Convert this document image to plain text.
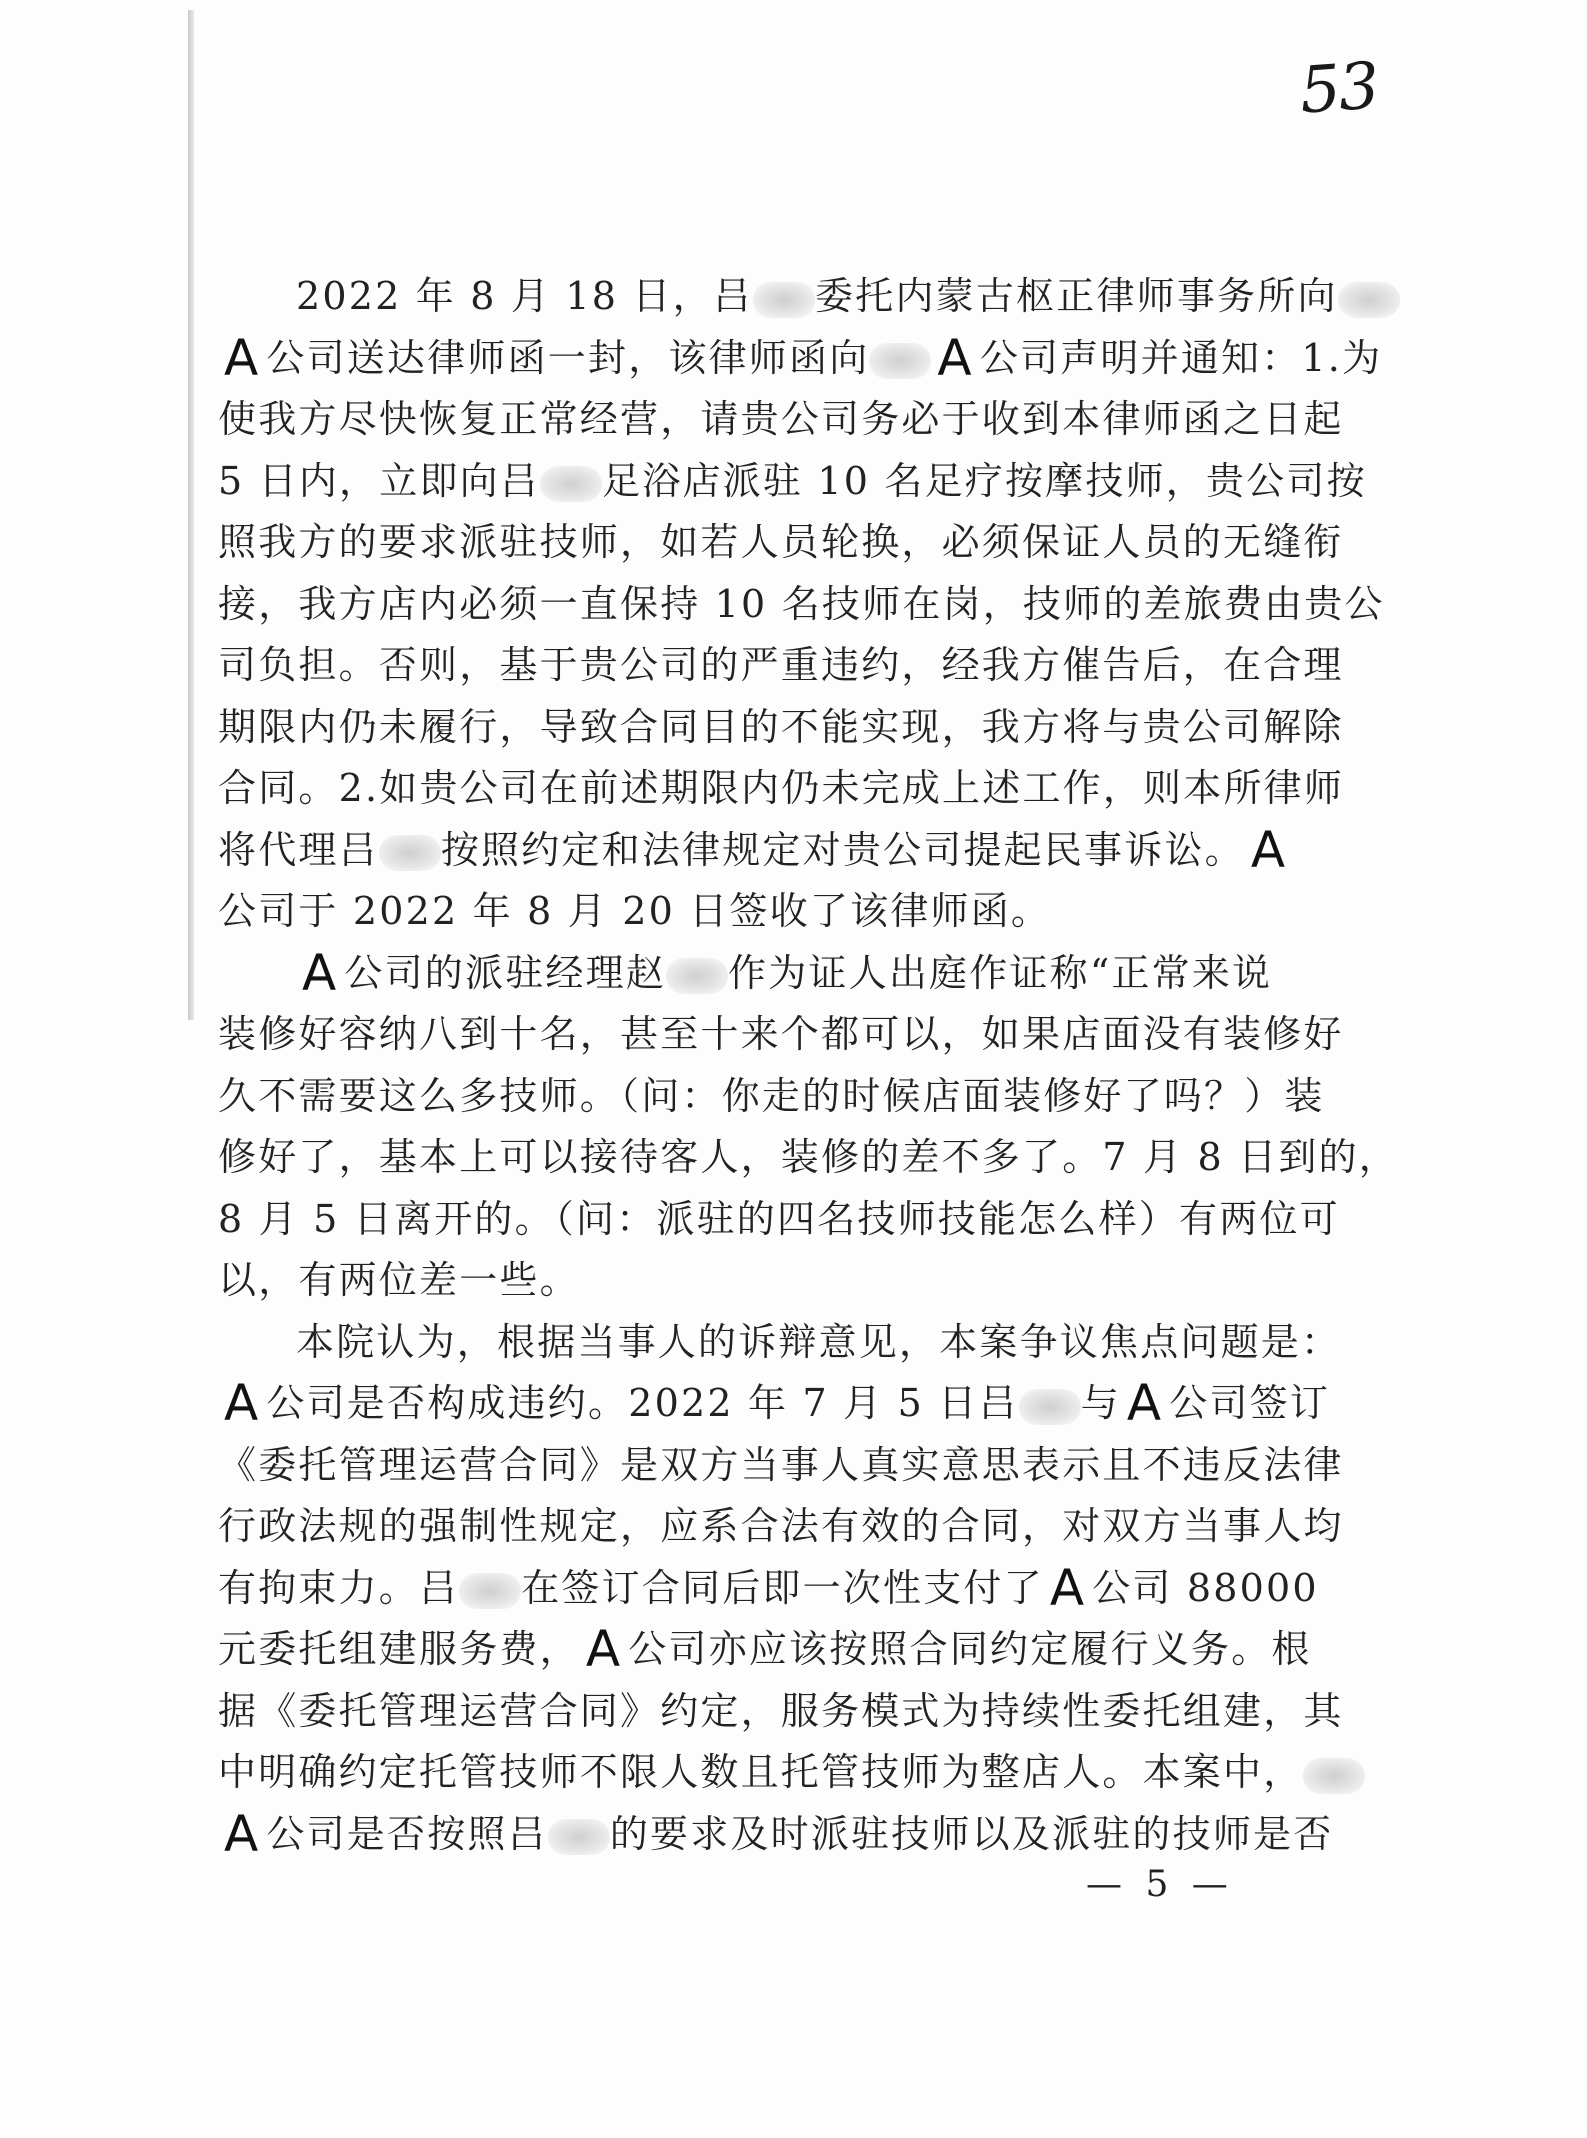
53
2022 年 8 月 18 日，吕 委托内蒙古枢正律师事务所向
A 公司送达律师函一封，该律师函向 A 公司声明并通知：1.为
使我方尽快恢复正常经营，请贵公司务必于收到本律师函之日起
5 日内，立即向吕 足浴店派驻 10 名足疗按摩技师，贵公司按
照我方的要求派驻技师，如若人员轮换，必须保证人员的无缝衔
接，我方店内必须一直保持 10 名技师在岗，技师的差旅费由贵公
司负担。否则，基于贵公司的严重违约，经我方催告后，在合理
期限内仍未履行，导致合同目的不能实现，我方将与贵公司解除
合同。2.如贵公司在前述期限内仍未完成上述工作，则本所律师
将代理吕 按照约定和法律规定对贵公司提起民事诉讼。 A
公司于 2022 年 8 月 20 日签收了该律师函。
A 公司的派驻经理赵 作为证人出庭作证称“正常来说
装修好容纳八到十名，甚至十来个都可以，如果店面没有装修好
久不需要这么多技师。（问：你走的时候店面装修好了吗？）装
修好了，基本上可以接待客人，装修的差不多了。7 月 8 日到的，
8 月 5 日离开的。（问：派驻的四名技师技能怎么样）有两位可
以，有两位差一些。
本院认为，根据当事人的诉辩意见，本案争议焦点问题是：
A 公司是否构成违约。2022 年 7 月 5 日吕 与 A 公司签订
《委托管理运营合同》是双方当事人真实意思表示且不违反法律
行政法规的强制性规定，应系合法有效的合同，对双方当事人均
有拘束力。吕 在签订合同后即一次性支付了 A 公司 88000
元委托组建服务费， A 公司亦应该按照合同约定履行义务。根
据《委托管理运营合同》约定，服务模式为持续性委托组建，其
中明确约定托管技师不限人数且托管技师为整店人。本案中，
A 公司是否按照吕 的要求及时派驻技师以及派驻的技师是否
— 5 —
